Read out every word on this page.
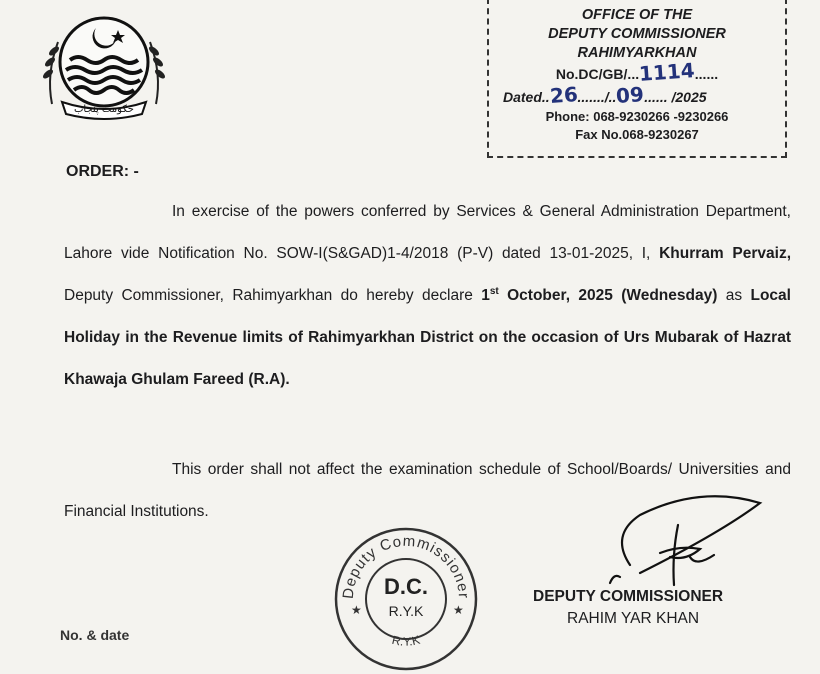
حکومت پنجاب
OFFICE OF THE
DEPUTY COMMISSIONER
RAHIMYARKHAN
No.DC/GB/...1114......
Dated..26......./..09...... /2025
Phone: 068-9230266 -9230266
Fax No.068-9230267
ORDER: -
In exercise of the powers conferred by Services & General Administration Department, Lahore vide Notification No. SOW-I(S&GAD)1-4/2018 (P-V) dated 13-01-2025, I, Khurram Pervaiz, Deputy Commissioner, Rahimyarkhan do hereby declare 1st October, 2025 (Wednesday) as Local Holiday in the Revenue limits of Rahimyarkhan District on the occasion of Urs Mubarak of Hazrat Khawaja Ghulam Fareed (R.A).
This order shall not affect the examination schedule of School/Boards/ Universities and Financial Institutions.
Deputy Commissioner
R.Y.K
★	★
D.C.
R.Y.K
DEPUTY COMMISSIONER
RAHIM YAR KHAN
No. & date
